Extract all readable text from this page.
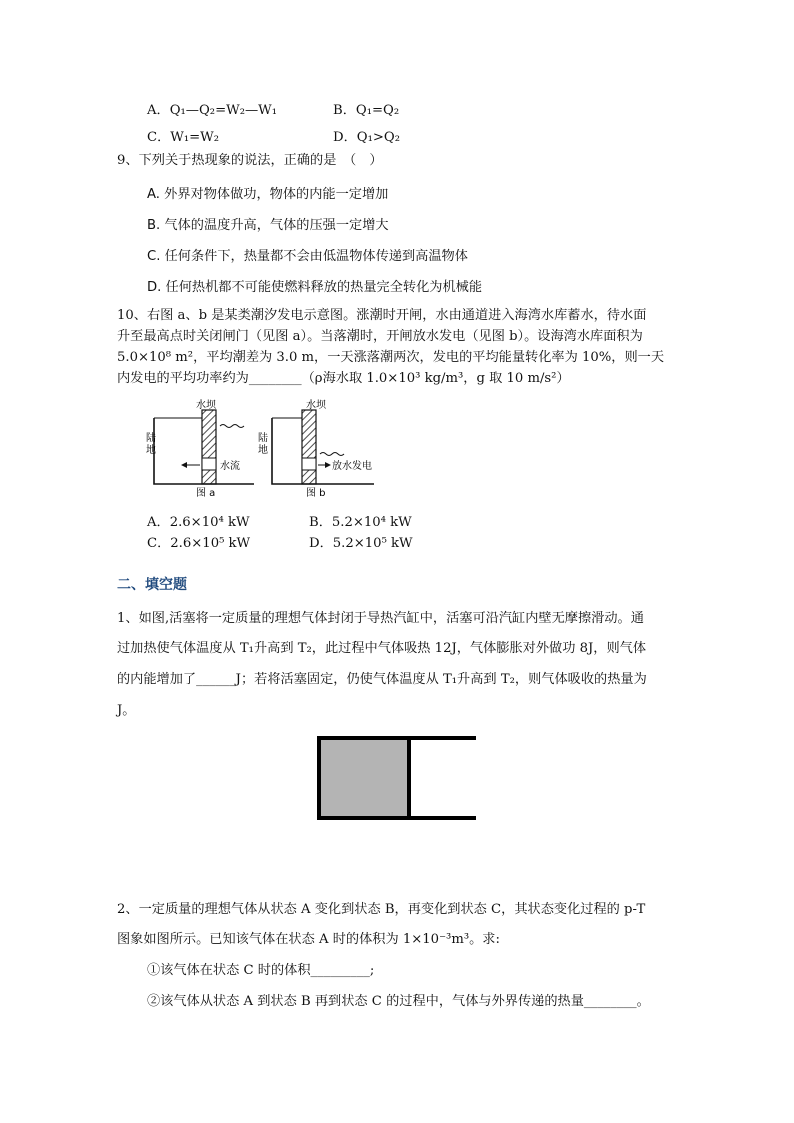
A．Q₁—Q₂=W₂—W₁	B．Q₁=Q₂
C．W₁=W₂	D．Q₁>Q₂
9、下列关于热现象的说法，正确的是　（　）
A. 外界对物体做功，物体的内能一定增加
B. 气体的温度升高，气体的压强一定增大
C. 任何条件下，热量都不会由低温物体传递到高温物体
D. 任何热机都不可能使燃料释放的热量完全转化为机械能
10、右图 a、b 是某类潮汐发电示意图。涨潮时开闸，水由通道进入海湾水库蓄水，待水面
升至最高点时关闭闸门（见图 a）。当落潮时，开闸放水发电（见图 b）。设海湾水库面积为
5.0×10⁸ m²，平均潮差为 3.0 m，一天涨落潮两次，发电的平均能量转化率为 10%，则一天
内发电的平均功率约为________（ρ海水取 1.0×10³ kg/m³，g 取 10 m/s²）
水坝
陆地
水流
图 a
水坝
陆地
放水发电
图 b
A．2.6×10⁴ kW	B．5.2×10⁴ kW
C．2.6×10⁵ kW	D．5.2×10⁵ kW
二、填空题
1、如图,活塞将一定质量的理想气体封闭于导热汽缸中，活塞可沿汽缸内壁无摩擦滑动。通
过加热使气体温度从 T₁升高到 T₂，此过程中气体吸热 12J，气体膨胀对外做功 8J，则气体
的内能增加了______J；若将活塞固定，仍使气体温度从 T₁升高到 T₂，则气体吸收的热量为
J。
2、一定质量的理想气体从状态 A 变化到状态 B，再变化到状态 C，其状态变化过程的 p-T
图象如图所示。已知该气体在状态 A 时的体积为 1×10⁻³m³。求:
①该气体在状态 C 时的体积_________;
②该气体从状态 A 到状态 B 再到状态 C 的过程中，气体与外界传递的热量________。
